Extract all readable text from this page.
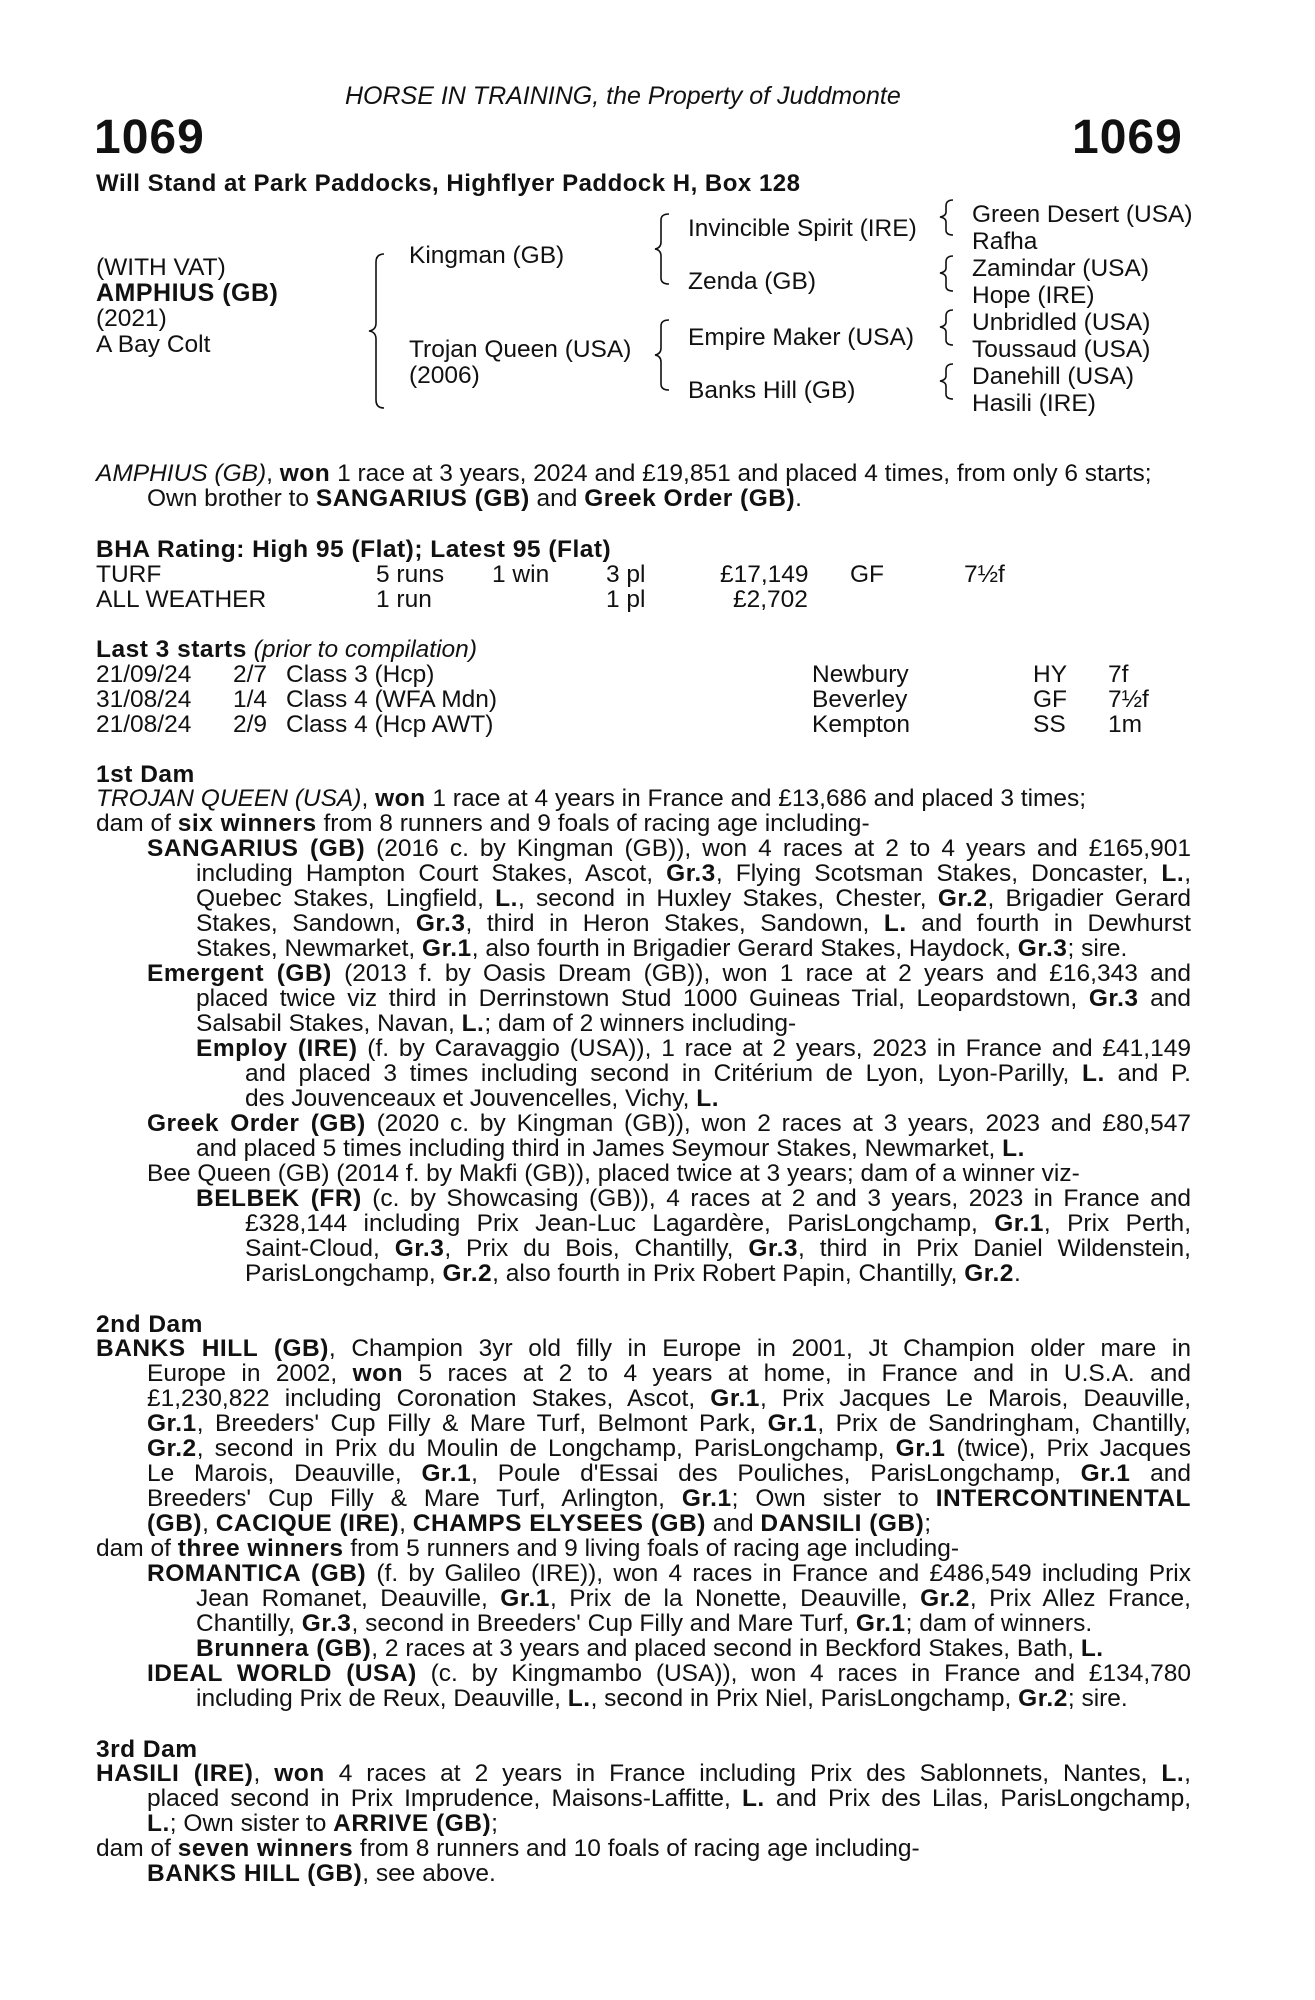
HORSE IN TRAINING, the Property of Juddmonte
1069	1069
Will Stand at Park Paddocks, Highflyer Paddock H, Box 128
(WITH VAT)
AMPHIUS (GB)
(2021)
A Bay Colt
Kingman (GB)
Trojan Queen (USA)
(2006)
Invincible Spirit (IRE)
Zenda (GB)
Empire Maker (USA)
Banks Hill (GB)
Green Desert (USA)
Rafha
Zamindar (USA)
Hope (IRE)
Unbridled (USA)
Toussaud (USA)
Danehill (USA)
Hasili (IRE)
AMPHIUS (GB), won 1 race at 3 years, 2024 and £19,851 and placed 4 times, from only 6 starts;
Own brother to SANGARIUS (GB) and Greek Order (GB).
BHA Rating: High 95 (Flat); Latest 95 (Flat)
TURF	5 runs 1 win 3 pl	£17,149 GF	7½f
ALL WEATHER	1 run	1 pl	£2,702
Last 3 starts (prior to compilation)
21/09/24 2/7 Class 3 (Hcp)	Newbury	HY 7f
31/08/24 1/4 Class 4 (WFA Mdn)	Beverley	GF 7½f
21/08/24 2/9 Class 4 (Hcp AWT)	Kempton	SS 1m
1st Dam
TROJAN QUEEN (USA), won 1 race at 4 years in France and £13,686 and placed 3 times;
dam of six winners from 8 runners and 9 foals of racing age including-
SANGARIUS (GB) (2016 c. by Kingman (GB)), won 4 races at 2 to 4 years and £165,901
including Hampton Court Stakes, Ascot, Gr.3, Flying Scotsman Stakes, Doncaster, L.,
Quebec Stakes, Lingfield, L., second in Huxley Stakes, Chester, Gr.2, Brigadier Gerard
Stakes, Sandown, Gr.3, third in Heron Stakes, Sandown, L. and fourth in Dewhurst
Stakes, Newmarket, Gr.1, also fourth in Brigadier Gerard Stakes, Haydock, Gr.3; sire.
Emergent (GB) (2013 f. by Oasis Dream (GB)), won 1 race at 2 years and £16,343 and
placed twice viz third in Derrinstown Stud 1000 Guineas Trial, Leopardstown, Gr.3 and
Salsabil Stakes, Navan, L.; dam of 2 winners including-
Employ (IRE) (f. by Caravaggio (USA)), 1 race at 2 years, 2023 in France and £41,149
and placed 3 times including second in Critérium de Lyon, Lyon-Parilly, L. and P.
des Jouvenceaux et Jouvencelles, Vichy, L.
Greek Order (GB) (2020 c. by Kingman (GB)), won 2 races at 3 years, 2023 and £80,547
and placed 5 times including third in James Seymour Stakes, Newmarket, L.
Bee Queen (GB) (2014 f. by Makfi (GB)), placed twice at 3 years; dam of a winner viz-
BELBEK (FR) (c. by Showcasing (GB)), 4 races at 2 and 3 years, 2023 in France and
£328,144 including Prix Jean-Luc Lagardère, ParisLongchamp, Gr.1, Prix Perth,
Saint-Cloud, Gr.3, Prix du Bois, Chantilly, Gr.3, third in Prix Daniel Wildenstein,
ParisLongchamp, Gr.2, also fourth in Prix Robert Papin, Chantilly, Gr.2.
2nd Dam
BANKS HILL (GB), Champion 3yr old filly in Europe in 2001, Jt Champion older mare in
Europe in 2002, won 5 races at 2 to 4 years at home, in France and in U.S.A. and
£1,230,822 including Coronation Stakes, Ascot, Gr.1, Prix Jacques Le Marois, Deauville,
Gr.1, Breeders' Cup Filly & Mare Turf, Belmont Park, Gr.1, Prix de Sandringham, Chantilly,
Gr.2, second in Prix du Moulin de Longchamp, ParisLongchamp, Gr.1 (twice), Prix Jacques
Le Marois, Deauville, Gr.1, Poule d'Essai des Pouliches, ParisLongchamp, Gr.1 and
Breeders' Cup Filly & Mare Turf, Arlington, Gr.1; Own sister to INTERCONTINENTAL
(GB), CACIQUE (IRE), CHAMPS ELYSEES (GB) and DANSILI (GB);
dam of three winners from 5 runners and 9 living foals of racing age including-
ROMANTICA (GB) (f. by Galileo (IRE)), won 4 races in France and £486,549 including Prix
Jean Romanet, Deauville, Gr.1, Prix de la Nonette, Deauville, Gr.2, Prix Allez France,
Chantilly, Gr.3, second in Breeders' Cup Filly and Mare Turf, Gr.1; dam of winners.
Brunnera (GB), 2 races at 3 years and placed second in Beckford Stakes, Bath, L.
IDEAL WORLD (USA) (c. by Kingmambo (USA)), won 4 races in France and £134,780
including Prix de Reux, Deauville, L., second in Prix Niel, ParisLongchamp, Gr.2; sire.
3rd Dam
HASILI (IRE), won 4 races at 2 years in France including Prix des Sablonnets, Nantes, L.,
placed second in Prix Imprudence, Maisons-Laffitte, L. and Prix des Lilas, ParisLongchamp,
L.; Own sister to ARRIVE (GB);
dam of seven winners from 8 runners and 10 foals of racing age including-
BANKS HILL (GB), see above.
